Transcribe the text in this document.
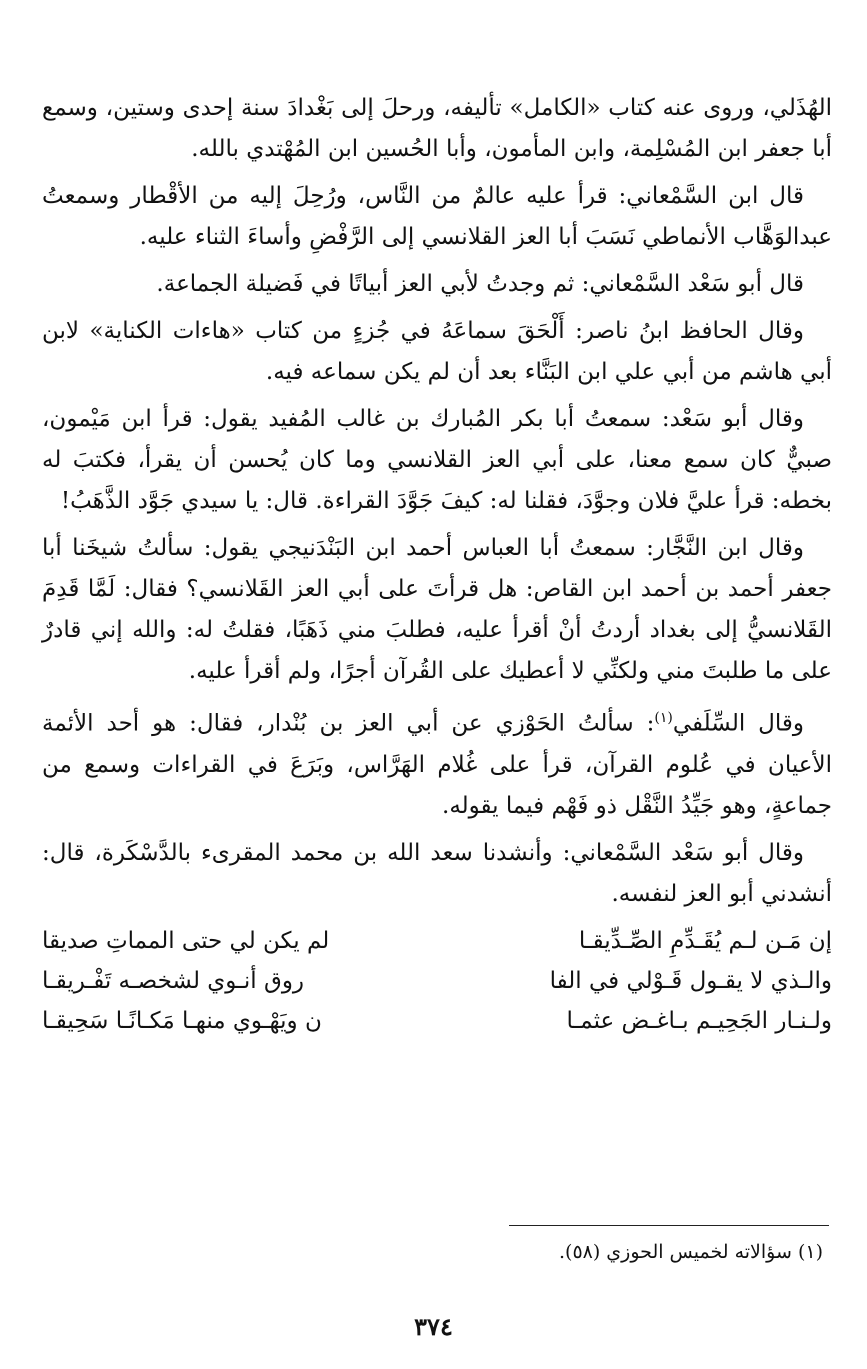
الهُذَلي، وروى عنه كتاب «الكامل» تأليفه، ورحلَ إلى بَغْدادَ سنة إحدى وستين، وسمع أبا جعفر ابن المُسْلِمة، وابن المأمون، وأبا الحُسين ابن المُهْتدي بالله.

قال ابن السَّمْعاني: قرأ عليه عالمٌ من النَّاس، ورُحِلَ إليه من الأقْطار وسمعتُ عبدالوَهَّاب الأنماطي نَسَبَ أبا العز القلانسي إلى الرَّفْضِ وأساءَ الثناء عليه.

قال أبو سَعْد السَّمْعاني: ثم وجدتُ لأبي العز أبياتًا في فَضيلة الجماعة.

وقال الحافظ ابنُ ناصر: أَلْحَقَ سماعَهُ في جُزءٍ من كتاب «هاءات الكناية» لابن أبي هاشم من أبي علي ابن البَنَّاء بعد أن لم يكن سماعه فيه.

وقال أبو سَعْد: سمعتُ أبا بكر المُبارك بن غالب المُفيد يقول: قرأ ابن مَيْمون، صبيٌّ كان سمع معنا، على أبي العز القلانسي وما كان يُحسن أن يقرأ، فكتبَ له بخطه: قرأ عليَّ فلان وجوَّدَ، فقلنا له: كيفَ جَوَّدَ القراءة. قال: يا سيدي جَوَّد الذَّهَبُ!

وقال ابن النَّجَّار: سمعتُ أبا العباس أحمد ابن البَنْدَنيجي يقول: سألتُ شيخَنا أبا جعفر أحمد بن أحمد ابن القاص: هل قرأتَ على أبي العز القَلانسي؟ فقال: لَمَّا قَدِمَ القَلانسيُّ إلى بغداد أردتُ أنْ أقرأ عليه، فطلبَ مني ذَهَبًا، فقلتُ له: والله إني قادرٌ على ما طلبتَ مني ولكنِّي لا أعطيك على القُرآن أجرًا، ولم أقرأ عليه.

وقال السِّلَفي$^{(١)}$: سألتُ الحَوْزي عن أبي العز بن بُنْدار، فقال: هو أحد الأئمة الأعيان في عُلوم القرآن، قرأ على غُلام الهَرَّاس، وبَرَعَ في القراءات وسمع من جماعةٍ، وهو جَيِّدُ النَّقْل ذو فَهْم فيما يقوله.

وقال أبو سَعْد السَّمْعاني: وأنشدنا سعد الله بن محمد المقرىء بالدَّسْكَرة، قال: أنشدني أبو العز لنفسه.

إن مَـن لـم يُقَـدِّمِ الصِّـدِّيقـا
لم يكن لي حتى المماتِ صديقا
والـذي لا يقـول قَـوْلي في الفا
روق أنـوي لشخصـه تَفْـريقـا
ولـنـار الجَحِيـم بـاغـض عثمـا
ن ويَهْـوي منهـا مَكـانًـا سَحِيقـا
(١) سؤالاته لخميس الحوزي (٥٨).
٣٧٤
